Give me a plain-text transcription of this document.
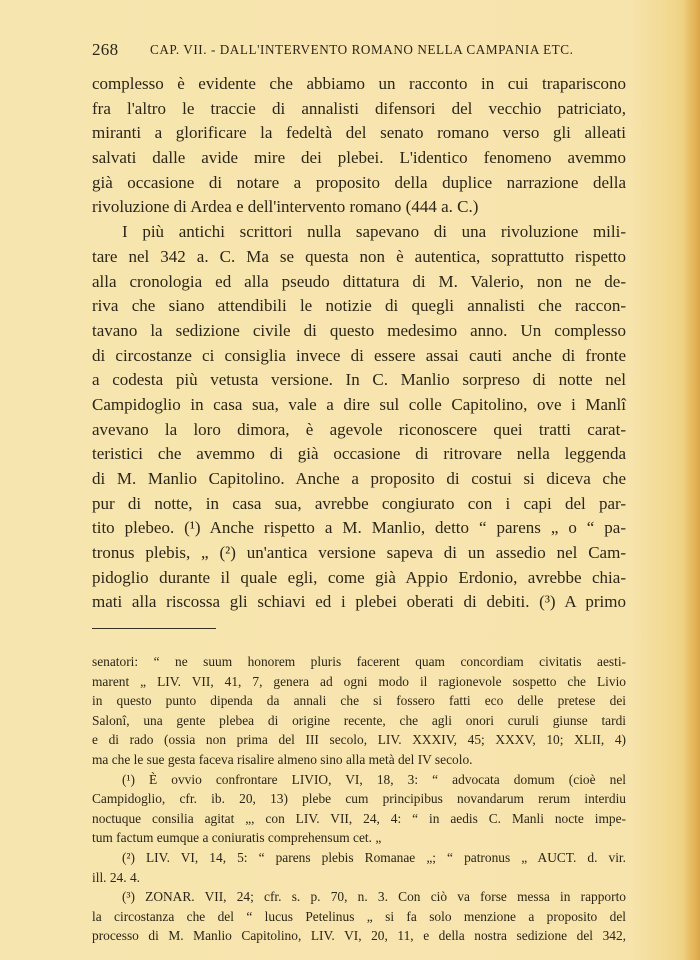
268 CAP. VII. - DALL'INTERVENTO ROMANO NELLA CAMPANIA ETC.
complesso è evidente che abbiamo un racconto in cui trapariscono
fra l'altro le traccie di annalisti difensori del vecchio patriciato,
miranti a glorificare la fedeltà del senato romano verso gli alleati
salvati dalle avide mire dei plebei. L'identico fenomeno avemmo
già occasione di notare a proposito della duplice narrazione della
rivoluzione di Ardea e dell'intervento romano (444 a. C.)
I più antichi scrittori nulla sapevano di una rivoluzione mili-
tare nel 342 a. C. Ma se questa non è autentica, soprattutto rispetto
alla cronologia ed alla pseudo dittatura di M. Valerio, non ne de-
riva che siano attendibili le notizie di quegli annalisti che raccon-
tavano la sedizione civile di questo medesimo anno. Un complesso
di circostanze ci consiglia invece di essere assai cauti anche di fronte
a codesta più vetusta versione. In C. Manlio sorpreso di notte nel
Campidoglio in casa sua, vale a dire sul colle Capitolino, ove i Manlî
avevano la loro dimora, è agevole riconoscere quei tratti carat-
teristici che avemmo di già occasione di ritrovare nella leggenda
di M. Manlio Capitolino. Anche a proposito di costui si diceva che
pur di notte, in casa sua, avrebbe congiurato con i capi del par-
tito plebeo. (¹) Anche rispetto a M. Manlio, detto “ parens „ o “ pa-
tronus plebis, „ (²) un'antica versione sapeva di un assedio nel Cam-
pidoglio durante il quale egli, come già Appio Erdonio, avrebbe chia-
mati alla riscossa gli schiavi ed i plebei oberati di debiti. (³) A primo
senatori: “ ne suum honorem pluris facerent quam concordiam civitatis aesti-
marent „ LIV. VII, 41, 7, genera ad ogni modo il ragionevole sospetto che Livio
in questo punto dipenda da annali che si fossero fatti eco delle pretese dei
Salonî, una gente plebea di origine recente, che agli onori curuli giunse tardi
e di rado (ossia non prima del III secolo, LIV. XXXIV, 45; XXXV, 10; XLII, 4)
ma che le sue gesta faceva risalire almeno sino alla metà del IV secolo.
(¹) È ovvio confrontare LIVIO, VI, 18, 3: “ advocata domum (cioè nel
Campidoglio, cfr. ib. 20, 13) plebe cum principibus novandarum rerum interdiu
noctuque consilia agitat „, con LIV. VII, 24, 4: “ in aedis C. Manli nocte impe-
tum factum eumque a coniuratis comprehensum cet. „
(²) LIV. VI, 14, 5: “ parens plebis Romanae „; “ patronus „ AUCT. d. vir.
ill. 24. 4.
(³) ZONAR. VII, 24; cfr. s. p. 70, n. 3. Con ciò va forse messa in rapporto
la circostanza che del “ lucus Petelinus „ si fa solo menzione a proposito del
processo di M. Manlio Capitolino, LIV. VI, 20, 11, e della nostra sedizione del 342,
